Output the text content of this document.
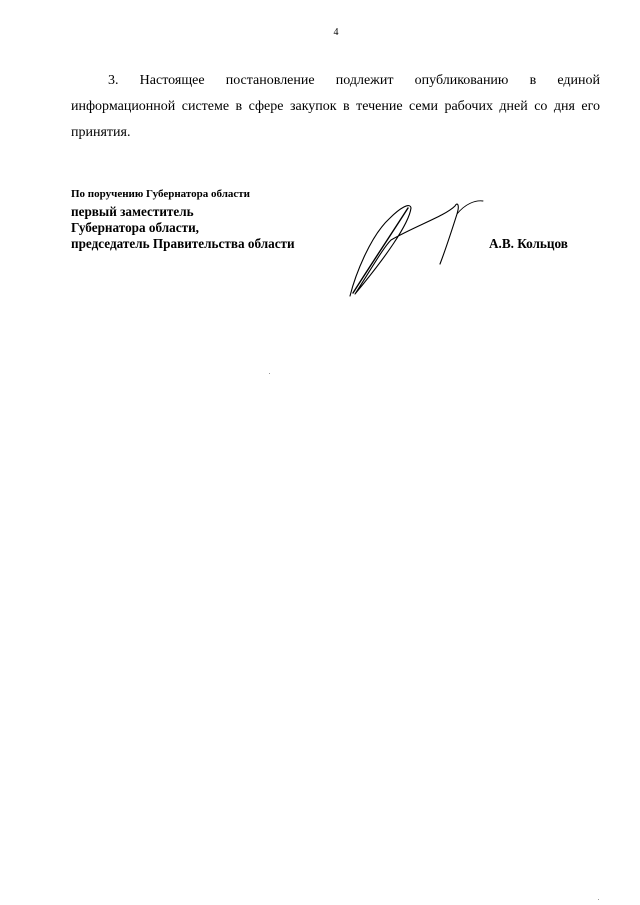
4

3. Настоящее постановление подлежит опубликованию в единой информационной системе в сфере закупок в течение семи рабочих дней со дня его принятия.

По поручению Губернатора области
первый заместитель
Губернатора области,
председатель Правительства области	А.В. Кольцов
